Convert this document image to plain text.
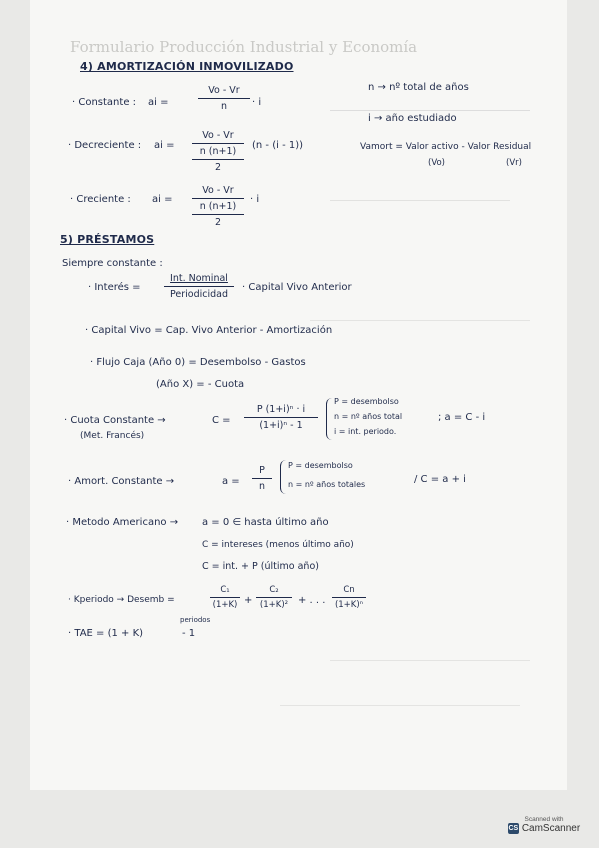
Formulario Producción Industrial y Economía
4) AMORTIZACIÓN INMOVILIZADO
· Constante : ai =
Vo - Vr
n · i
· Decreciente : ai =
Vo - Vr
n (n+1)
2
(n - (i - 1))
· Creciente : ai =
Vo - Vr
n (n+1)
2
· i
n → nº total de años
i → año estudiado
Vamort = Valor activo - Valor Residual
(Vo)	(Vr)
5) PRÉSTAMOS
Siempre constante :
· Interés =
Int. Nominal
Periodicidad
· Capital Vivo Anterior
· Capital Vivo = Cap. Vivo Anterior - Amortización
· Flujo Caja (Año 0) = Desembolso - Gastos
(Año X) = - Cuota
· Cuota Constante →
(Met. Francés)
C =
P (1+i)ⁿ · i
(1+i)ⁿ - 1
P = desembolso
n = nº años total
i = int. periodo.
; a = C - i
· Amort. Constante →	a =
P
n
P = desembolso
n = nº años totales	/ C = a + i
· Metodo Americano → a = 0 ∈ hasta último año
C = intereses (menos último año)
C = int. + P (último año)
· Kperiodo → Desemb =
C₁
(1+K) +
C₂
(1+K)² + . . .
Cn
(1+K)ⁿ
· TAE = (1 + K)
periodos
- 1
Scanned with
CS CamScanner
